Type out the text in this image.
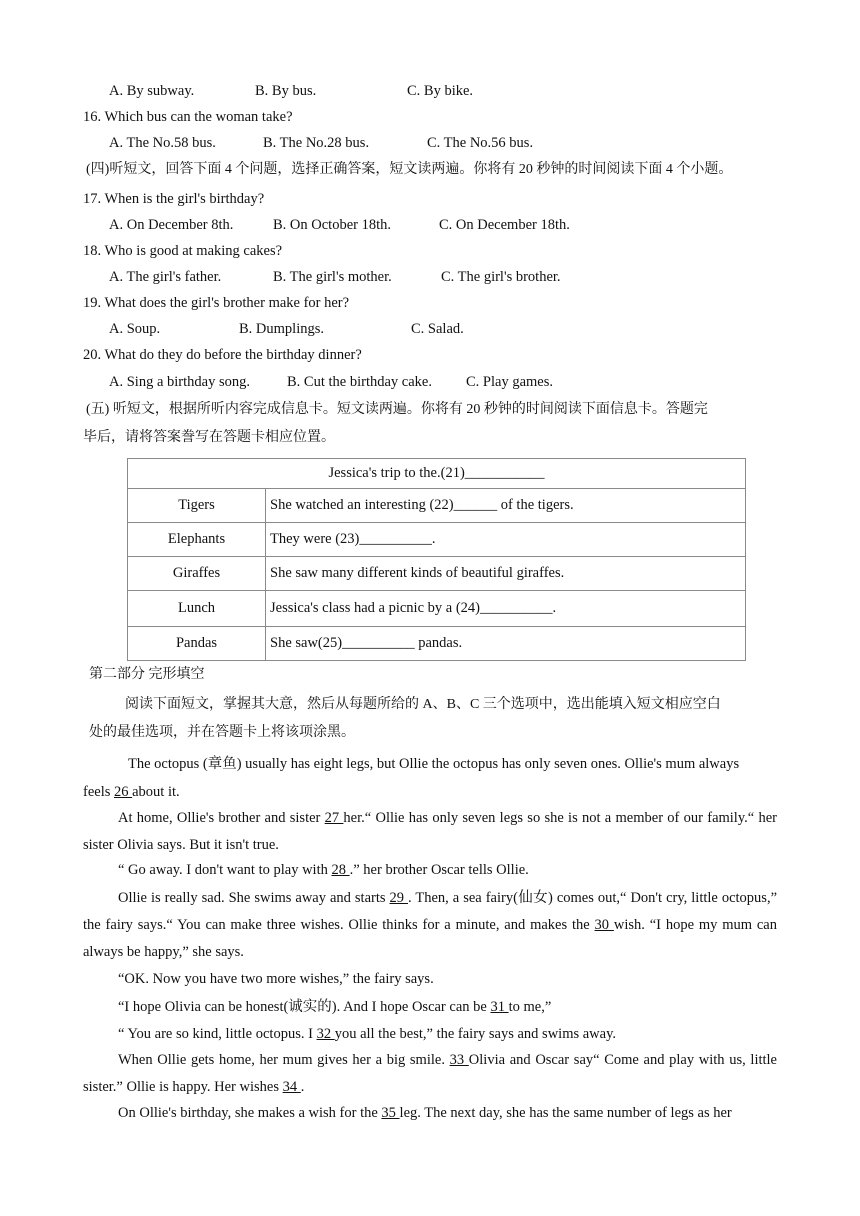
A. By subway.	B. By bus.	C. By bike.
16. Which bus can the woman take?
A. The No.58 bus.	B. The No.28 bus.	C. The No.56 bus.
(四)听短文，回答下面 4 个问题，选择正确答案，短文读两遍。你将有 20 秒钟的时间阅读下面 4 个小题。
17. When is the girl's birthday?
A. On December 8th.	B. On October 18th.	C. On December 18th.
18. Who is good at making cakes?
A. The girl's father.	B. The girl's mother.	C. The girl's brother.
19. What does the girl's brother make for her?
A. Soup.	B. Dumplings.	C. Salad.
20. What do they do before the birthday dinner?
A. Sing a birthday song.	B. Cut the birthday cake. C. Play games.
(五) 听短文，根据所听内容完成信息卡。短文读两遍。你将有 20 秒钟的时间阅读下面信息卡。答题完
毕后，请将答案誊写在答题卡相应位置。
Jessica's trip to the.(21)___________	
Tigers	She watched an interesting (22)______ of the tigers.
Elephants	They were (23)__________.
Giraffes	She saw many different kinds of beautiful giraffes.
Lunch	Jessica's class had a picnic by a (24)__________.
Pandas	She saw(25)__________ pandas.
第二部分 完形填空
阅读下面短文，掌握其大意，然后从每题所给的 A、B、C 三个选项中，选出能填入短文相应空白
处的最佳选项，并在答题卡上将该项涂黑。
The octopus (章鱼) usually has eight legs, but Ollie the octopus has only seven ones. Ollie's mum always
feels 26 about it.
At home, Ollie's brother and sister 27 her.“ Ollie has only seven legs so she is not a member of our family.“ her sister Olivia says. But it isn't true.
“ Go away. I don't want to play with 28 .” her brother Oscar tells Ollie.
Ollie is really sad. She swims away and starts 29 . Then, a sea fairy(仙女) comes out,“ Don't cry, little octopus,” the fairy says.“ You can make three wishes. Ollie thinks for a minute, and makes the 30 wish. “I hope my mum can always be happy,” she says.
“OK. Now you have two more wishes,” the fairy says.
“I hope Olivia can be honest(诚实的). And I hope Oscar can be 31 to me,”
“ You are so kind, little octopus. I 32 you all the best,” the fairy says and swims away.
When Ollie gets home, her mum gives her a big smile. 33 Olivia and Oscar say“ Come and play with us, little sister.” Ollie is happy. Her wishes 34 .
On Ollie's birthday, she makes a wish for the 35 leg. The next day, she has the same number of legs as her
